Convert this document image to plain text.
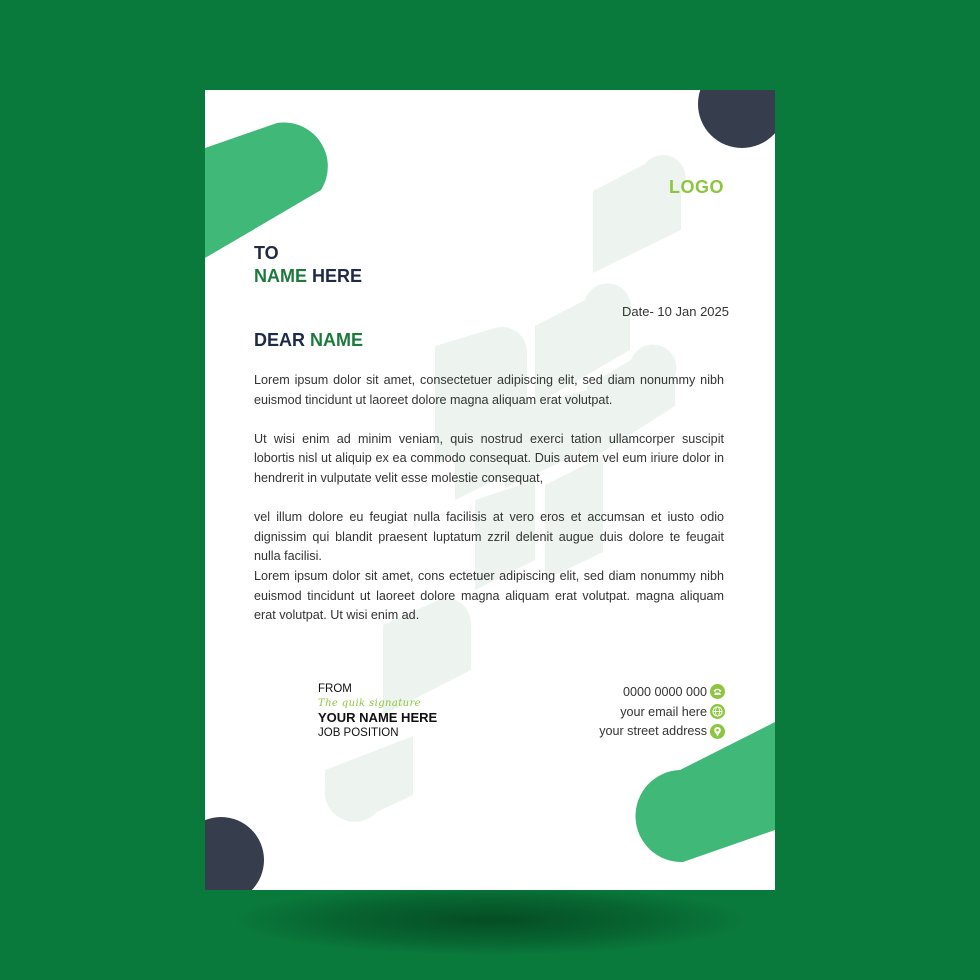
LOGO
TO
NAME HERE
Date- 10 Jan 2025
DEAR NAME

Lorem ipsum dolor sit amet, consectetuer adipiscing elit, sed diam nonummy nibh euismod tincidunt ut laoreet dolore magna aliquam erat volutpat.

Ut wisi enim ad minim veniam, quis nostrud exerci tation ullamcorper suscipit lobortis nisl ut aliquip ex ea commodo consequat. Duis autem vel eum iriure dolor in hendrerit in vulputate velit esse molestie consequat,

vel illum dolore eu feugiat nulla facilisis at vero eros et accumsan et iusto odio dignissim qui blandit praesent luptatum zzril delenit augue duis dolore te feugait nulla facilisi.

Lorem ipsum dolor sit amet, cons ectetuer adipiscing elit, sed diam nonummy nibh euismod tincidunt ut laoreet dolore magna aliquam erat volutpat. magna aliquam erat volutpat. Ut wisi enim ad.

FROM
The quik signature
YOUR NAME HERE
JOB POSITION
0000 0000 000
your email here
your street address
